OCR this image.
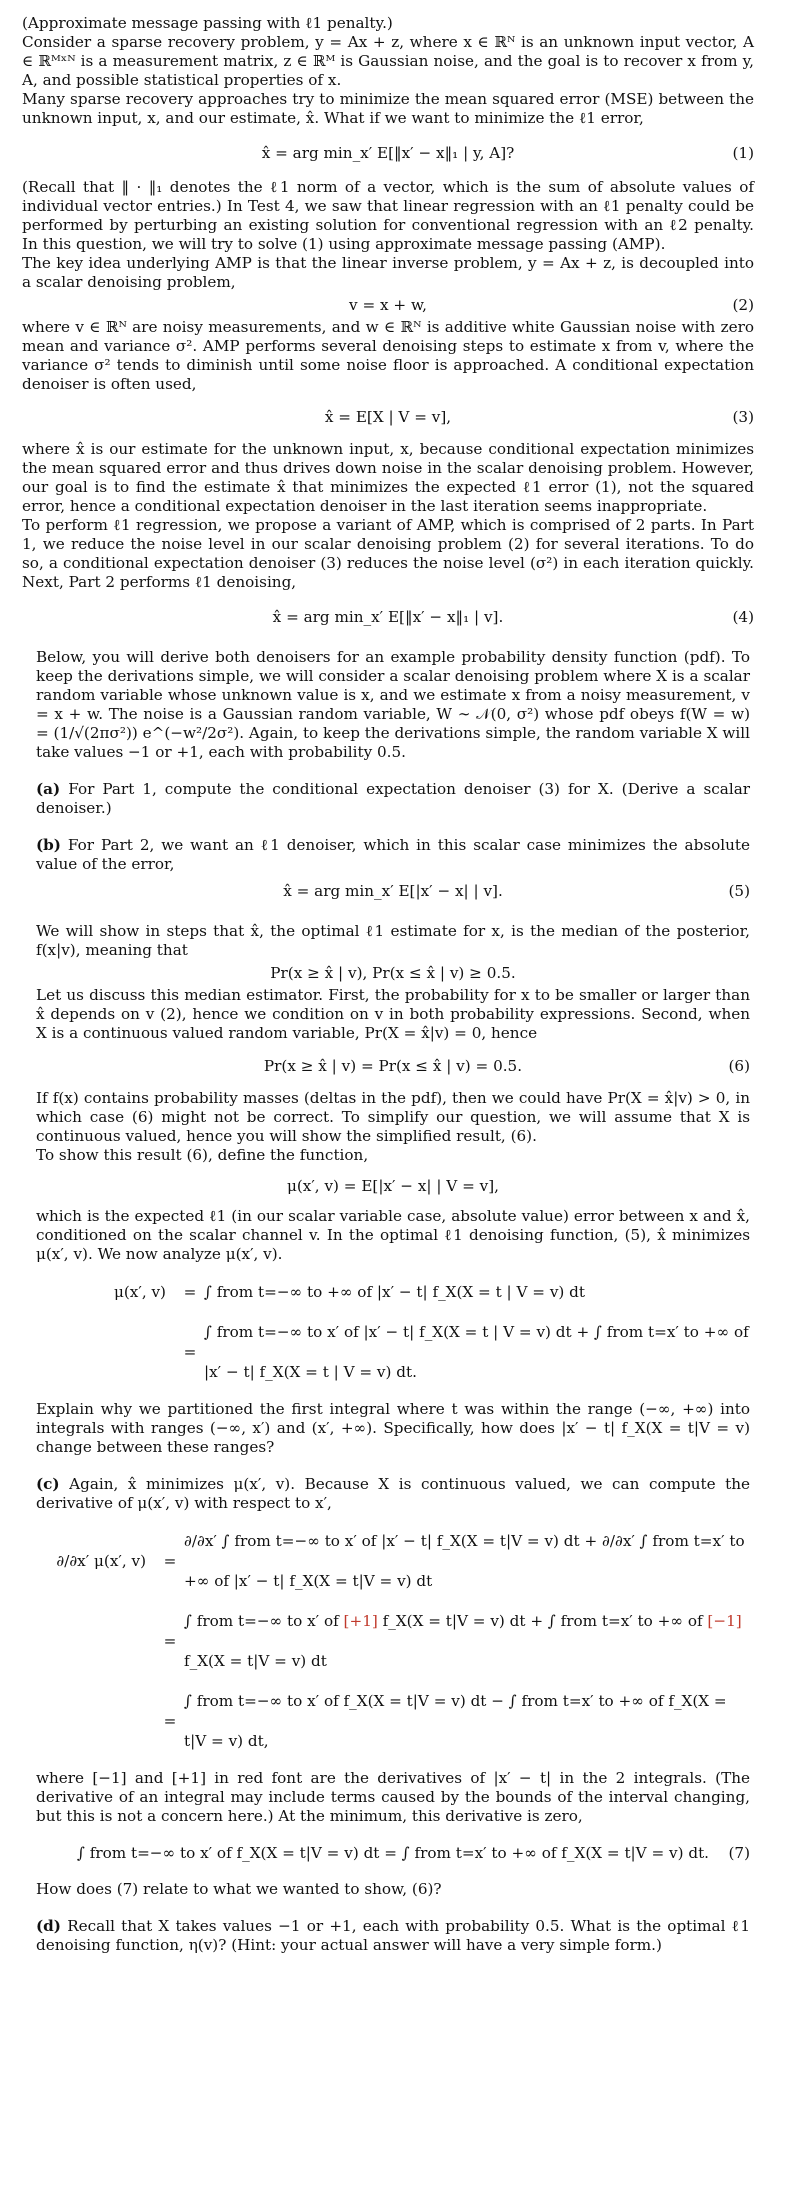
(Approximate message passing with ℓ1 penalty.)

Consider a sparse recovery problem, y = Ax + z, where x ∈ ℝᴺ is an unknown input vector, A ∈ ℝᴹˣᴺ is a measurement matrix, z ∈ ℝᴹ is Gaussian noise, and the goal is to recover x from y, A, and possible statistical properties of x.

Many sparse recovery approaches try to minimize the mean squared error (MSE) between the unknown input, x, and our estimate, x̂. What if we want to minimize the ℓ1 error,

x̂ = arg min_x′ E[‖x′ − x‖₁ | y, A]?	(1)

(Recall that ‖ · ‖₁ denotes the ℓ1 norm of a vector, which is the sum of absolute values of individual vector entries.) In Test 4, we saw that linear regression with an ℓ1 penalty could be performed by perturbing an existing solution for conventional regression with an ℓ2 penalty. In this question, we will try to solve (1) using approximate message passing (AMP).

The key idea underlying AMP is that the linear inverse problem, y = Ax + z, is decoupled into a scalar denoising problem,

v = x + w,	(2)

where v ∈ ℝᴺ are noisy measurements, and w ∈ ℝᴺ is additive white Gaussian noise with zero mean and variance σ². AMP performs several denoising steps to estimate x from v, where the variance σ² tends to diminish until some noise floor is approached. A conditional expectation denoiser is often used,

x̂ = E[X | V = v],	(3)

where x̂ is our estimate for the unknown input, x, because conditional expectation minimizes the mean squared error and thus drives down noise in the scalar denoising problem. However, our goal is to find the estimate x̂ that minimizes the expected ℓ1 error (1), not the squared error, hence a conditional expectation denoiser in the last iteration seems inappropriate.

To perform ℓ1 regression, we propose a variant of AMP, which is comprised of 2 parts. In Part 1, we reduce the noise level in our scalar denoising problem (2) for several iterations. To do so, a conditional expectation denoiser (3) reduces the noise level (σ²) in each iteration quickly. Next, Part 2 performs ℓ1 denoising,

x̂ = arg min_x′ E[‖x′ − x‖₁ | v].	(4)

Below, you will derive both denoisers for an example probability density function (pdf). To keep the derivations simple, we will consider a scalar denoising problem where X is a scalar random variable whose unknown value is x, and we estimate x from a noisy measurement, v = x + w. The noise is a Gaussian random variable, W ∼ 𝒩(0, σ²) whose pdf obeys f(W = w) = (1/√(2πσ²)) e^(−w²/2σ²). Again, to keep the derivations simple, the random variable X will take values −1 or +1, each with probability 0.5.

(a) For Part 1, compute the conditional expectation denoiser (3) for X. (Derive a scalar denoiser.)

(b) For Part 2, we want an ℓ1 denoiser, which in this scalar case minimizes the absolute value of the error,

x̂ = arg min_x′ E[|x′ − x| | v].	(5)

We will show in steps that x̂, the optimal ℓ1 estimate for x, is the median of the posterior, f(x|v), meaning that

Pr(x ≥ x̂ | v), Pr(x ≤ x̂ | v) ≥ 0.5.

Let us discuss this median estimator. First, the probability for x to be smaller or larger than x̂ depends on v (2), hence we condition on v in both probability expressions. Second, when X is a continuous valued random variable, Pr(X = x̂|v) = 0, hence

Pr(x ≥ x̂ | v) = Pr(x ≤ x̂ | v) = 0.5.	(6)

If f(x) contains probability masses (deltas in the pdf), then we could have Pr(X = x̂|v) > 0, in which case (6) might not be correct. To simplify our question, we will assume that X is continuous valued, hence you will show the simplified result, (6).

To show this result (6), define the function,

μ(x′, v) = E[|x′ − x| | V = v],

which is the expected ℓ1 (in our scalar variable case, absolute value) error between x and x̂, conditioned on the scalar channel v. In the optimal ℓ1 denoising function, (5), x̂ minimizes μ(x′, v). We now analyze μ(x′, v).

μ(x′, v)	= ∫ from t=−∞ to +∞ of |x′ − t| f_X(X = t | V = v) dt
=
∫ from t=−∞ to x′ of |x′ − t| f_X(X = t | V = v) dt + ∫ from t=x′ to +∞ of |x′ − t| f_X(X = t | V = v) dt.

Explain why we partitioned the first integral where t was within the range (−∞, +∞) into integrals with ranges (−∞, x′) and (x′, +∞). Specifically, how does |x′ − t| f_X(X = t|V = v) change between these ranges?

(c) Again, x̂ minimizes μ(x′, v). Because X is continuous valued, we can compute the derivative of μ(x′, v) with respect to x′,

∂/∂x′ μ(x′, v)	=
∂/∂x′ ∫ from t=−∞ to x′ of |x′ − t| f_X(X = t|V = v) dt + ∂/∂x′ ∫ from t=x′ to +∞ of |x′ − t| f_X(X = t|V = v) dt
=
∫ from t=−∞ to x′ of [+1] f_X(X = t|V = v) dt + ∫ from t=x′ to +∞ of [−1] f_X(X = t|V = v) dt
=
∫ from t=−∞ to x′ of f_X(X = t|V = v) dt − ∫ from t=x′ to +∞ of f_X(X = t|V = v) dt,

where [−1] and [+1] in red font are the derivatives of |x′ − t| in the 2 integrals. (The derivative of an integral may include terms caused by the bounds of the interval changing, but this is not a concern here.) At the minimum, this derivative is zero,

∫ from t=−∞ to x′ of f_X(X = t|V = v) dt = ∫ from t=x′ to +∞ of f_X(X = t|V = v) dt. (7)

How does (7) relate to what we wanted to show, (6)?

(d) Recall that X takes values −1 or +1, each with probability 0.5. What is the optimal ℓ1 denoising function, η(v)? (Hint: your actual answer will have a very simple form.)
